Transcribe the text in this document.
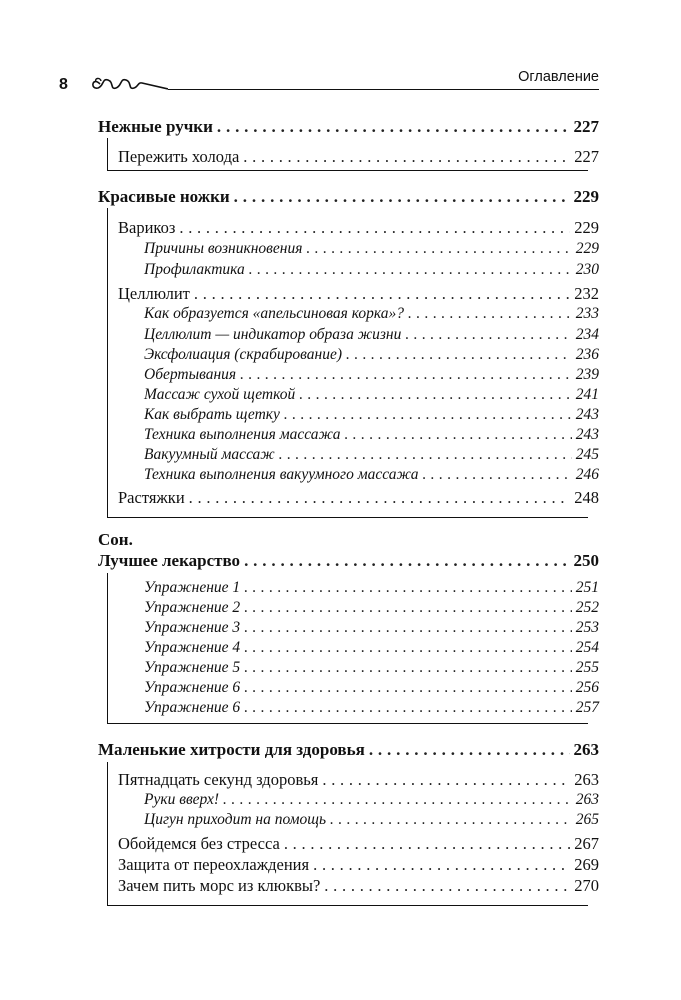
8	Оглавление
Нежные ручки . . .	227
Пережить холода . . .	227
Красивые ножки . . .	229
Варикоз . . .	229
Причины возникновения . . .	229
Профилактика . . .	230
Целлюлит . . .	232
Как образуется «апельсиновая корка»? . . .	233
Целлюлит — индикатор образа жизни . . .	234
Эксфолиация (скрабирование) . . .	236
Обертывания . . .	239
Массаж сухой щеткой . . .	241
Как выбрать щетку . . .	243
Техника выполнения массажа . . .	243
Вакуумный массаж . . .	245
Техника выполнения вакуумного массажа . . .	246
Растяжки . . .	248
Сон.
Лучшее лекарство . . .	250
Упражнение 1 . . .	251
Упражнение 2 . . .	252
Упражнение 3 . . .	253
Упражнение 4 . . .	254
Упражнение 5 . . .	255
Упражнение 6 . . .	256
Упражнение 6 . . .	257
Маленькие хитрости для здоровья . . .	263
Пятнадцать секунд здоровья . . .	263
Руки вверх! . . .	263
Цигун приходит на помощь . . .	265
Обойдемся без стресса . . .	267
Защита от переохлаждения . . .	269
Зачем пить морс из клюквы? . . .	270
